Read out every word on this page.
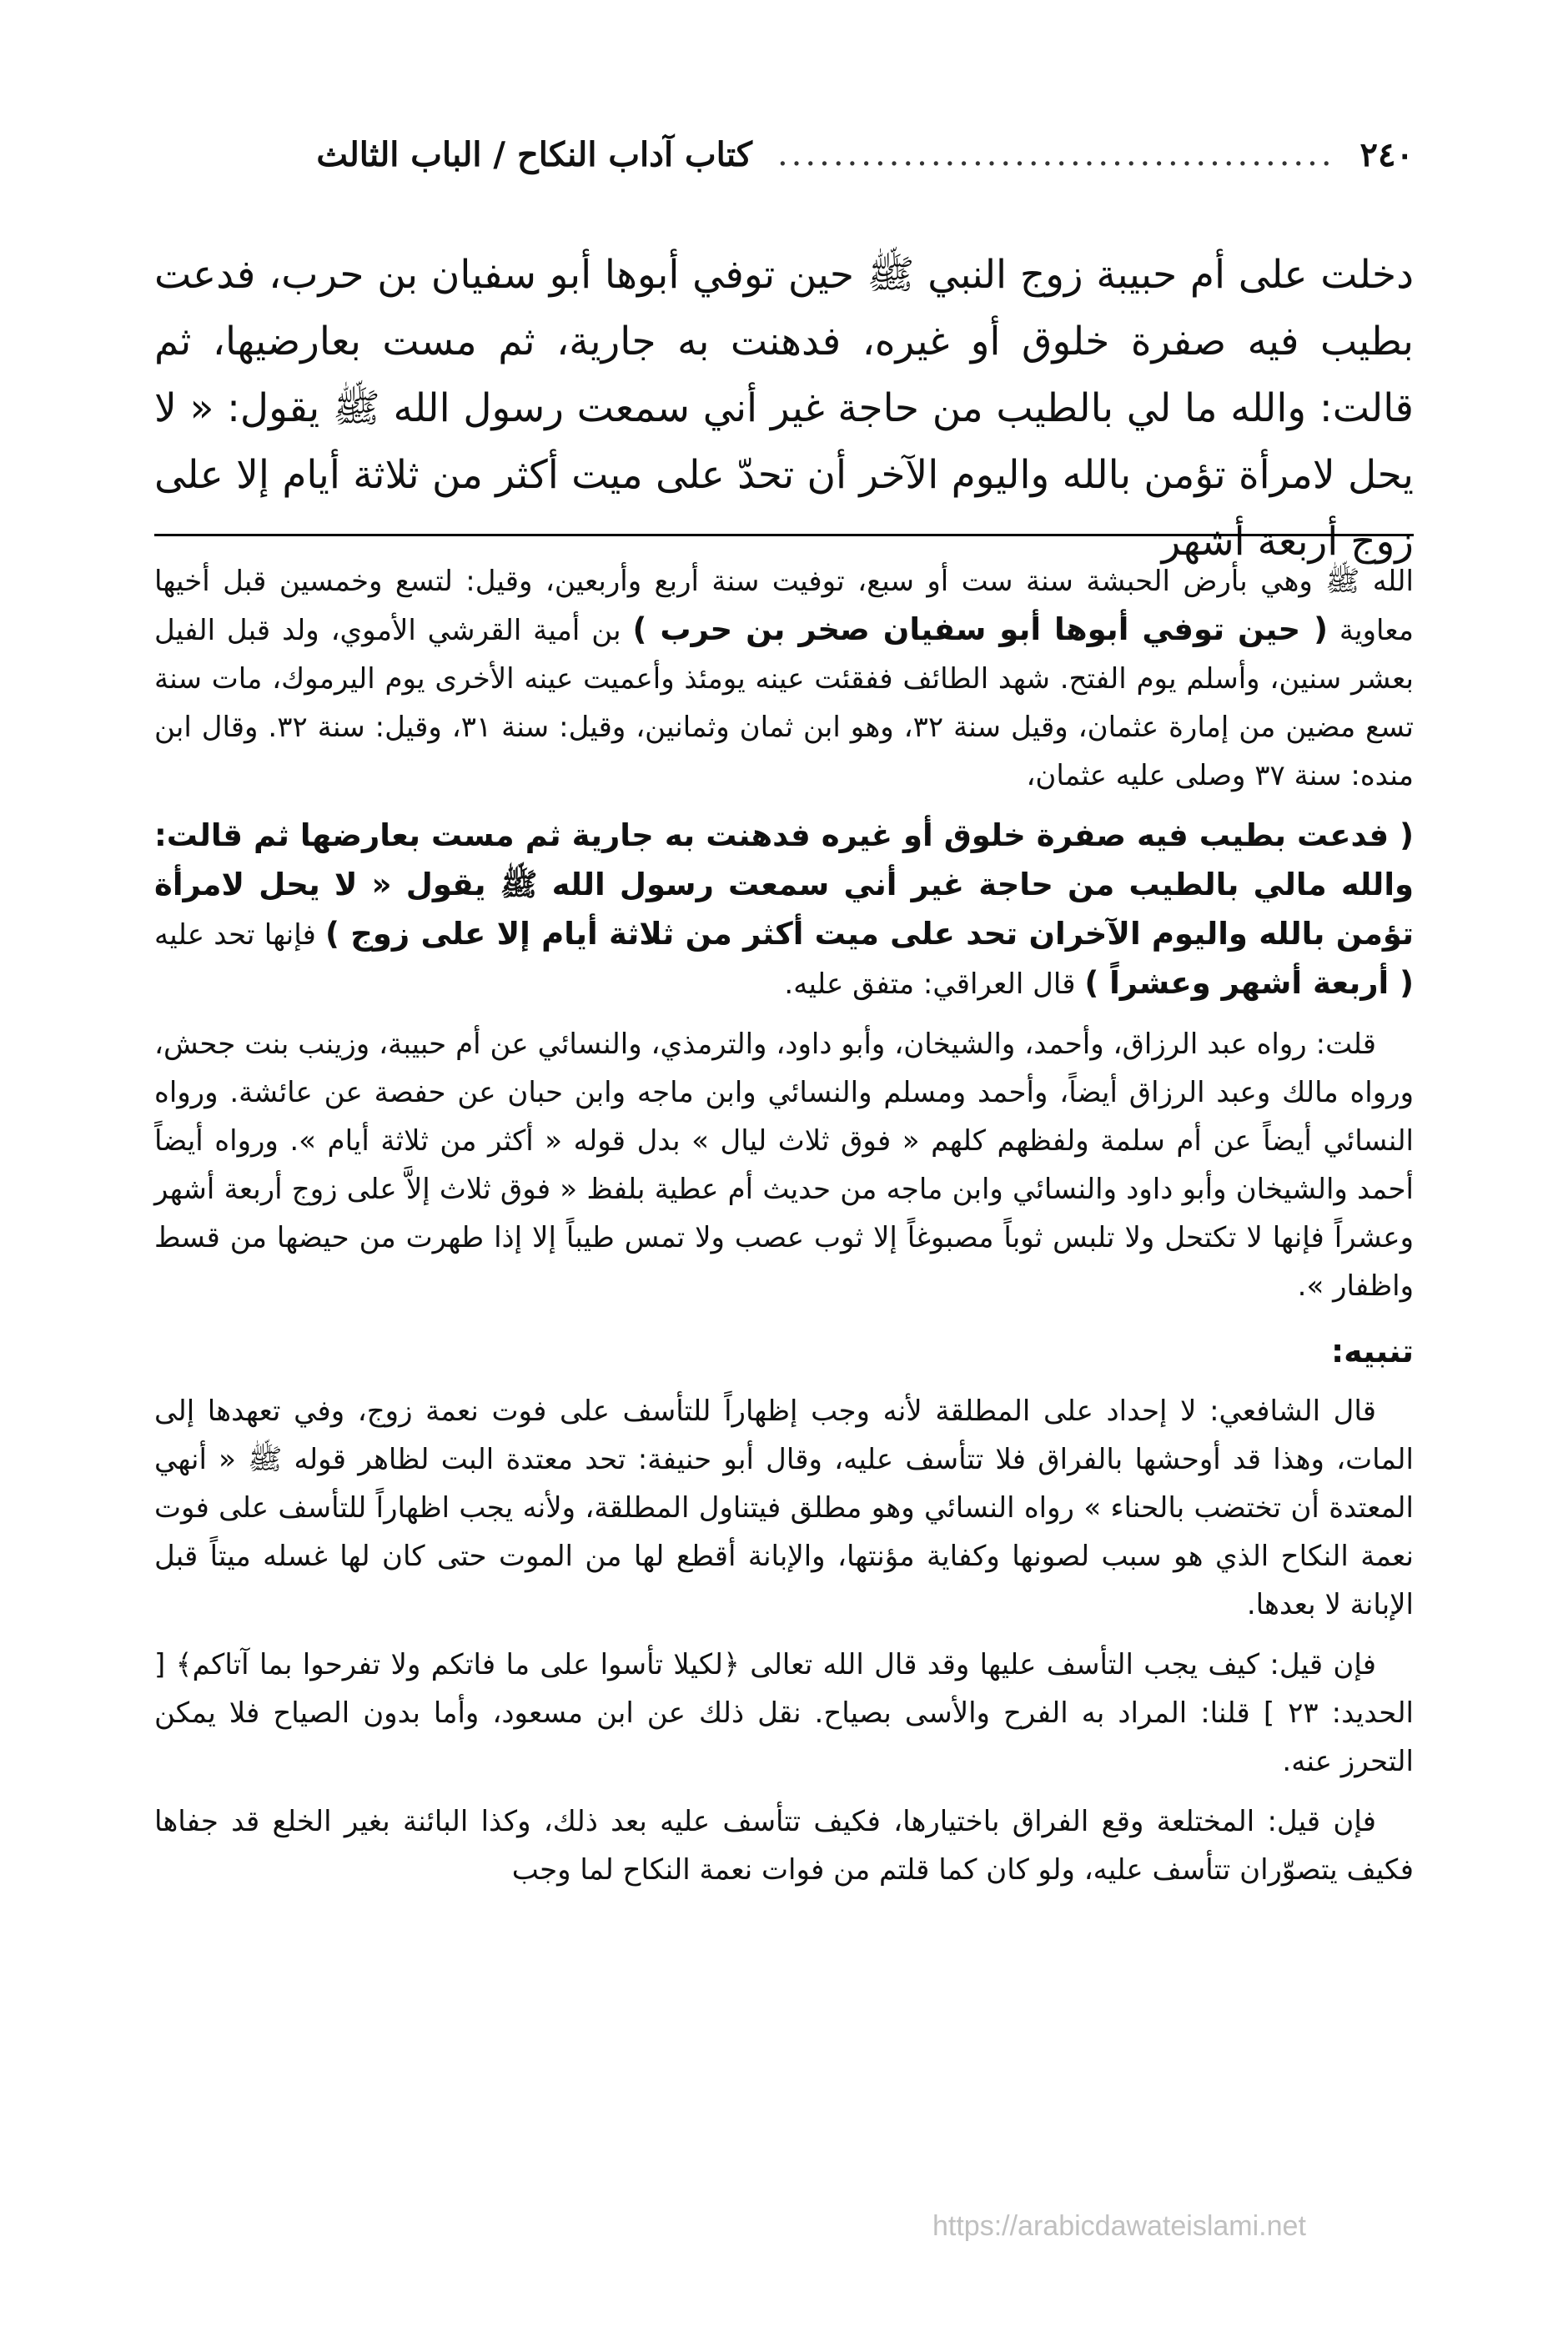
٢٤٠
........................................
كتاب آداب النكاح / الباب الثالث

دخلت على أم حبيبة زوج النبي ﷺ حين توفي أبوها أبو سفيان بن حرب، فدعت بطيب فيه صفرة خلوق أو غيره، فدهنت به جارية، ثم مست بعارضيها، ثم قالت: والله ما لي بالطيب من حاجة غير أني سمعت رسول الله ﷺ يقول: « لا يحل لامرأة تؤمن بالله واليوم الآخر أن تحدّ على ميت أكثر من ثلاثة أيام إلا على زوج أربعة أشهر

الله ﷺ وهي بأرض الحبشة سنة ست أو سبع، توفيت سنة أربع وأربعين، وقيل: لتسع وخمسين قبل أخيها معاوية ( حين توفي أبوها أبو سفيان صخر بن حرب ) بن أمية القرشي الأموي، ولد قبل الفيل بعشر سنين، وأسلم يوم الفتح. شهد الطائف ففقئت عينه يومئذ وأعميت عينه الأخرى يوم اليرموك، مات سنة تسع مضين من إمارة عثمان، وقيل سنة ٣٢، وهو ابن ثمان وثمانين، وقيل: سنة ٣١، وقيل: سنة ٣٢. وقال ابن منده: سنة ٣٧ وصلى عليه عثمان،

( فدعت بطيب فيه صفرة خلوق أو غيره فدهنت به جارية ثم مست بعارضها ثم قالت: والله مالي بالطيب من حاجة غير أني سمعت رسول الله ﷺ يقول « لا يحل لامرأة تؤمن بالله واليوم الآخران تحد على ميت أكثر من ثلاثة أيام إلا على زوج ) فإنها تحد عليه ( أربعة أشهر وعشراً ) قال العراقي: متفق عليه.

قلت: رواه عبد الرزاق، وأحمد، والشيخان، وأبو داود، والترمذي، والنسائي عن أم حبيبة، وزينب بنت جحش، ورواه مالك وعبد الرزاق أيضاً، وأحمد ومسلم والنسائي وابن ماجه وابن حبان عن حفصة عن عائشة. ورواه النسائي أيضاً عن أم سلمة ولفظهم كلهم « فوق ثلاث ليال » بدل قوله « أكثر من ثلاثة أيام ». ورواه أيضاً أحمد والشيخان وأبو داود والنسائي وابن ماجه من حديث أم عطية بلفظ « فوق ثلاث إلاَّ على زوج أربعة أشهر وعشراً فإنها لا تكتحل ولا تلبس ثوباً مصبوغاً إلا ثوب عصب ولا تمس طيباً إلا إذا طهرت من حيضها من قسط واظفار ».

تنبيه:

قال الشافعي: لا إحداد على المطلقة لأنه وجب إظهاراً للتأسف على فوت نعمة زوج، وفي تعهدها إلى المات، وهذا قد أوحشها بالفراق فلا تتأسف عليه، وقال أبو حنيفة: تحد معتدة البت لظاهر قوله ﷺ « أنهي المعتدة أن تختضب بالحناء » رواه النسائي وهو مطلق فيتناول المطلقة، ولأنه يجب اظهاراً للتأسف على فوت نعمة النكاح الذي هو سبب لصونها وكفاية مؤنتها، والإبانة أقطع لها من الموت حتى كان لها غسله ميتاً قبل الإبانة لا بعدها.

فإن قيل: كيف يجب التأسف عليها وقد قال الله تعالى ﴿لكيلا تأسوا على ما فاتكم ولا تفرحوا بما آتاكم﴾ [ الحديد: ٢٣ ] قلنا: المراد به الفرح والأسى بصياح. نقل ذلك عن ابن مسعود، وأما بدون الصياح فلا يمكن التحرز عنه.

فإن قيل: المختلعة وقع الفراق باختيارها، فكيف تتأسف عليه بعد ذلك، وكذا البائنة بغير الخلع قد جفاها فكيف يتصوّران تتأسف عليه، ولو كان كما قلتم من فوات نعمة النكاح لما وجب

https://arabicdawateislami.net
